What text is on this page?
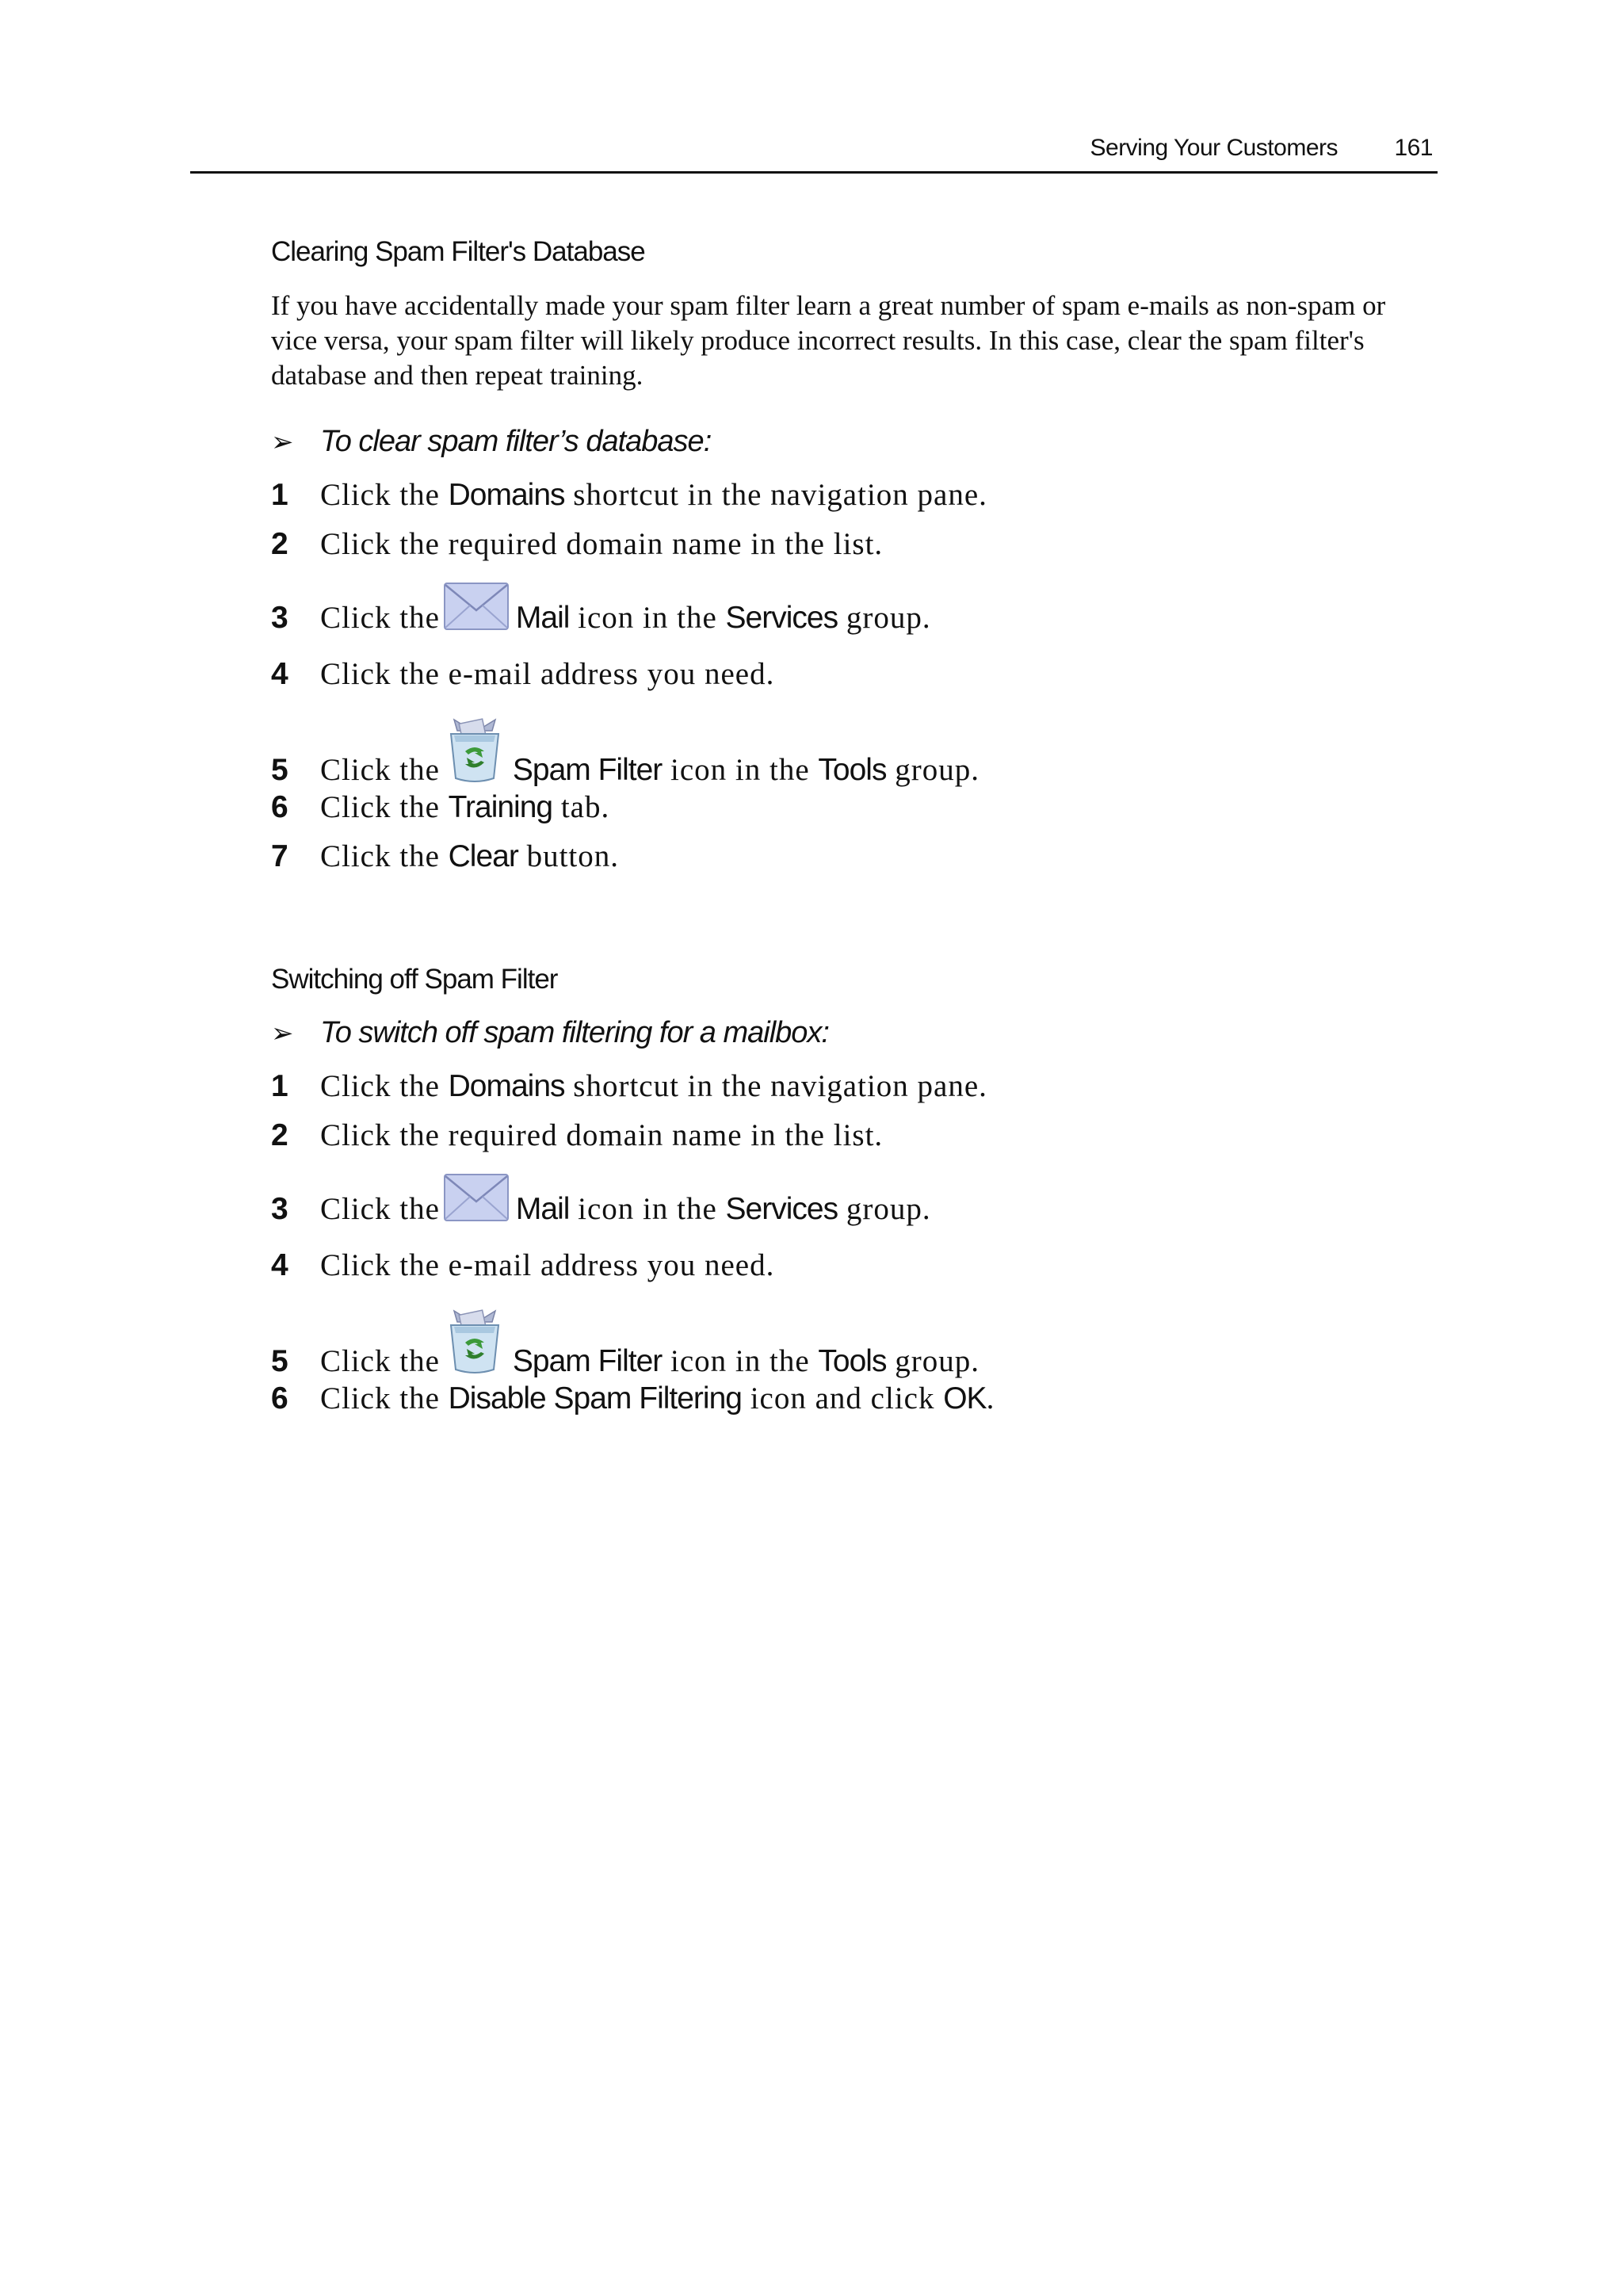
Serving Your Customers 161
Clearing Spam Filter's Database
If you have accidentally made your spam filter learn a great number of spam e-mails as non-spam or vice versa, your spam filter will likely produce incorrect results. In this case, clear the spam filter's database and then repeat training.
➢ To clear spam filter’s database:
1 Click the Domains shortcut in the navigation pane.
2 Click the required domain name in the list.
3 Click the Mail icon in the Services group.
4 Click the e-mail address you need.
5 Click the Spam Filter icon in the Tools group.
6 Click the Training tab.
7 Click the Clear button.
Switching off Spam Filter
➢ To switch off spam filtering for a mailbox:
1 Click the Domains shortcut in the navigation pane.
2 Click the required domain name in the list.
3 Click the Mail icon in the Services group.
4 Click the e-mail address you need.
5 Click the Spam Filter icon in the Tools group.
6 Click the Disable Spam Filtering icon and click OK.
